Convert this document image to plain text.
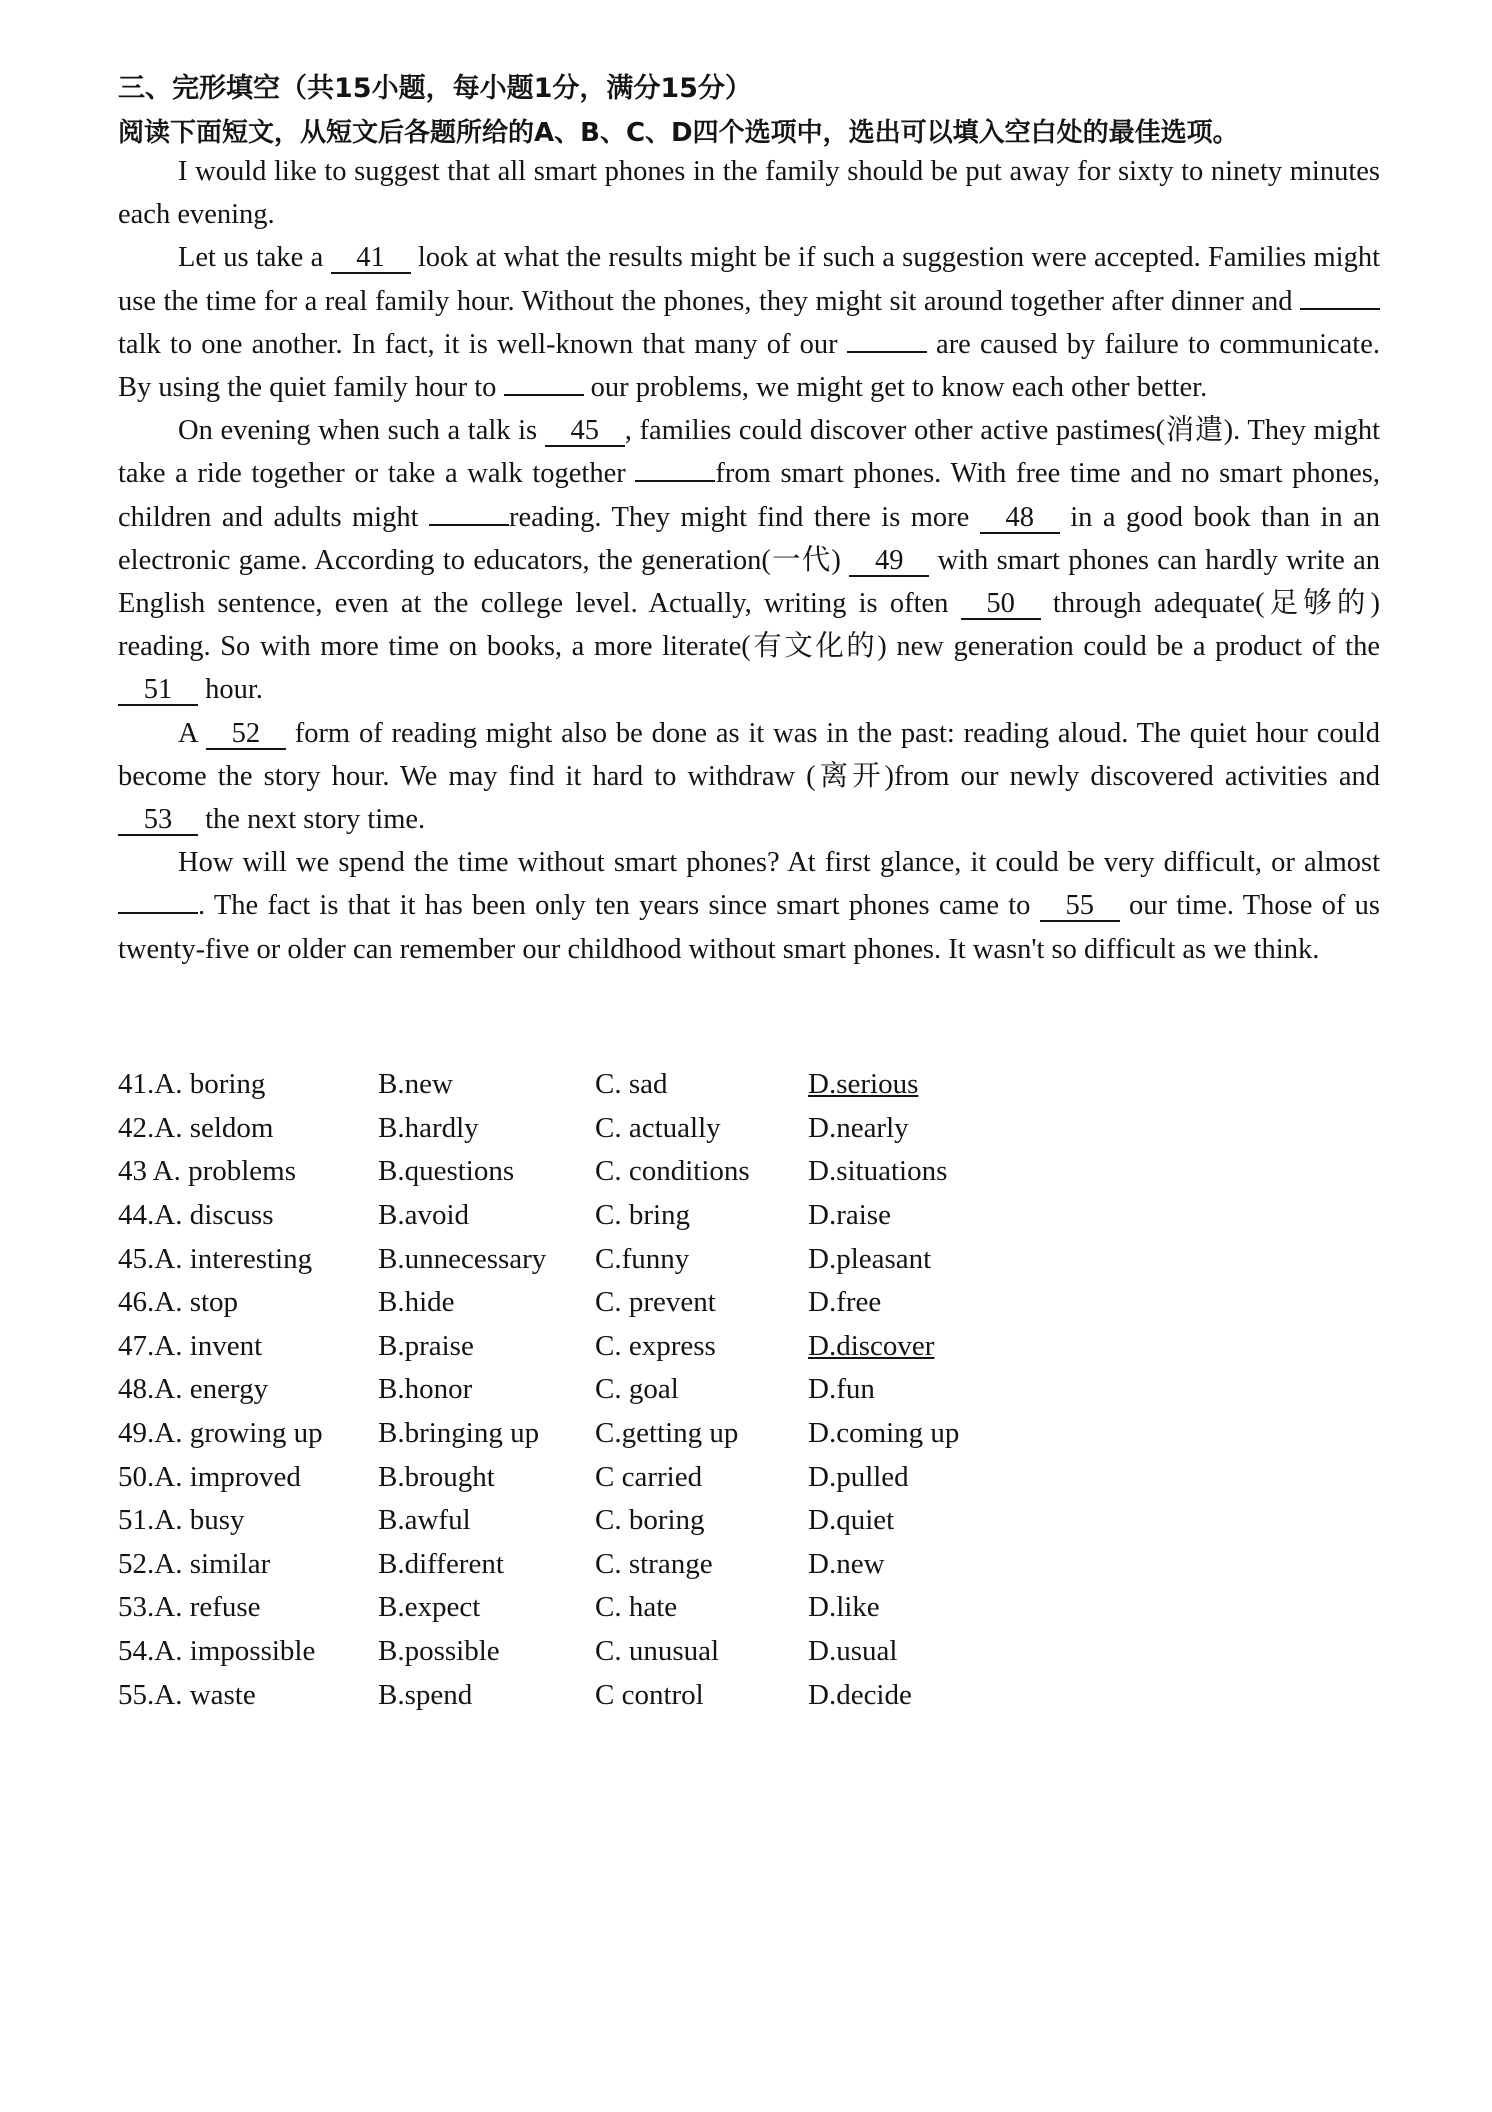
三、完形填空（共15小题，每小题1分，满分15分）
阅读下面短文，从短文后各题所给的A、B、C、D四个选项中，选出可以填入空白处的最佳选项。

I would like to suggest that all smart phones in the family should be put away for sixty to ninety minutes each evening.

Let us take a 41 look at what the results might be if such a suggestion were accepted. Families might use the time for a real family hour. Without the phones, they might sit around together after dinner and  talk to one another. In fact, it is well-known that many of our	are caused by failure to communicate. By using the quiet family hour to	our problems, we might get to know each other better.

On evening when such a talk is 45 , families could discover other active pastimes(消遣). They might take a ride together or take a walk together	from smart phones. With free time and no smart phones, children and adults might	reading. They might find there is more 48 in a good book than in an electronic game. According to educators, the generation(一代) 49 with smart phones can hardly write an English sentence, even at the college level. Actually, writing is often 50 through adequate(足够的) reading. So with more time on books, a more literate(有文化的) new generation could be a product of the 51 hour.

A 52 form of reading might also be done as it was in the past: reading aloud. The quiet hour could become the story hour. We may find it hard to withdraw (离开)from our newly discovered activities and 53 the next story time.

How will we spend the time without smart phones? At first glance, it could be very difficult, or almost . The fact is that it has been only ten years since smart phones came to 55 our time. Those of us twenty-five or older can remember our childhood without smart phones. It wasn't so difficult as we think.

41.A. boring	B.new	C. sad	D.serious
42.A. seldom	B.hardly	C. actually	D.nearly
43 A. problems	B.questions	C. conditions	D.situations
44.A. discuss	B.avoid	C. bring	D.raise
45.A. interesting	B.unnecessary	C.funny	D.pleasant
46.A. stop	B.hide	C. prevent	D.free
47.A. invent	B.praise	C. express	D.discover
48.A. energy	B.honor	C. goal	D.fun
49.A. growing up	B.bringing up	C.getting up	D.coming up
50.A. improved	B.brought	C carried	D.pulled
51.A. busy	B.awful	C. boring	D.quiet
52.A. similar	B.different	C. strange	D.new
53.A. refuse	B.expect	C. hate	D.like
54.A. impossible	B.possible	C. unusual	D.usual
55.A. waste	B.spend	C control	D.decide
